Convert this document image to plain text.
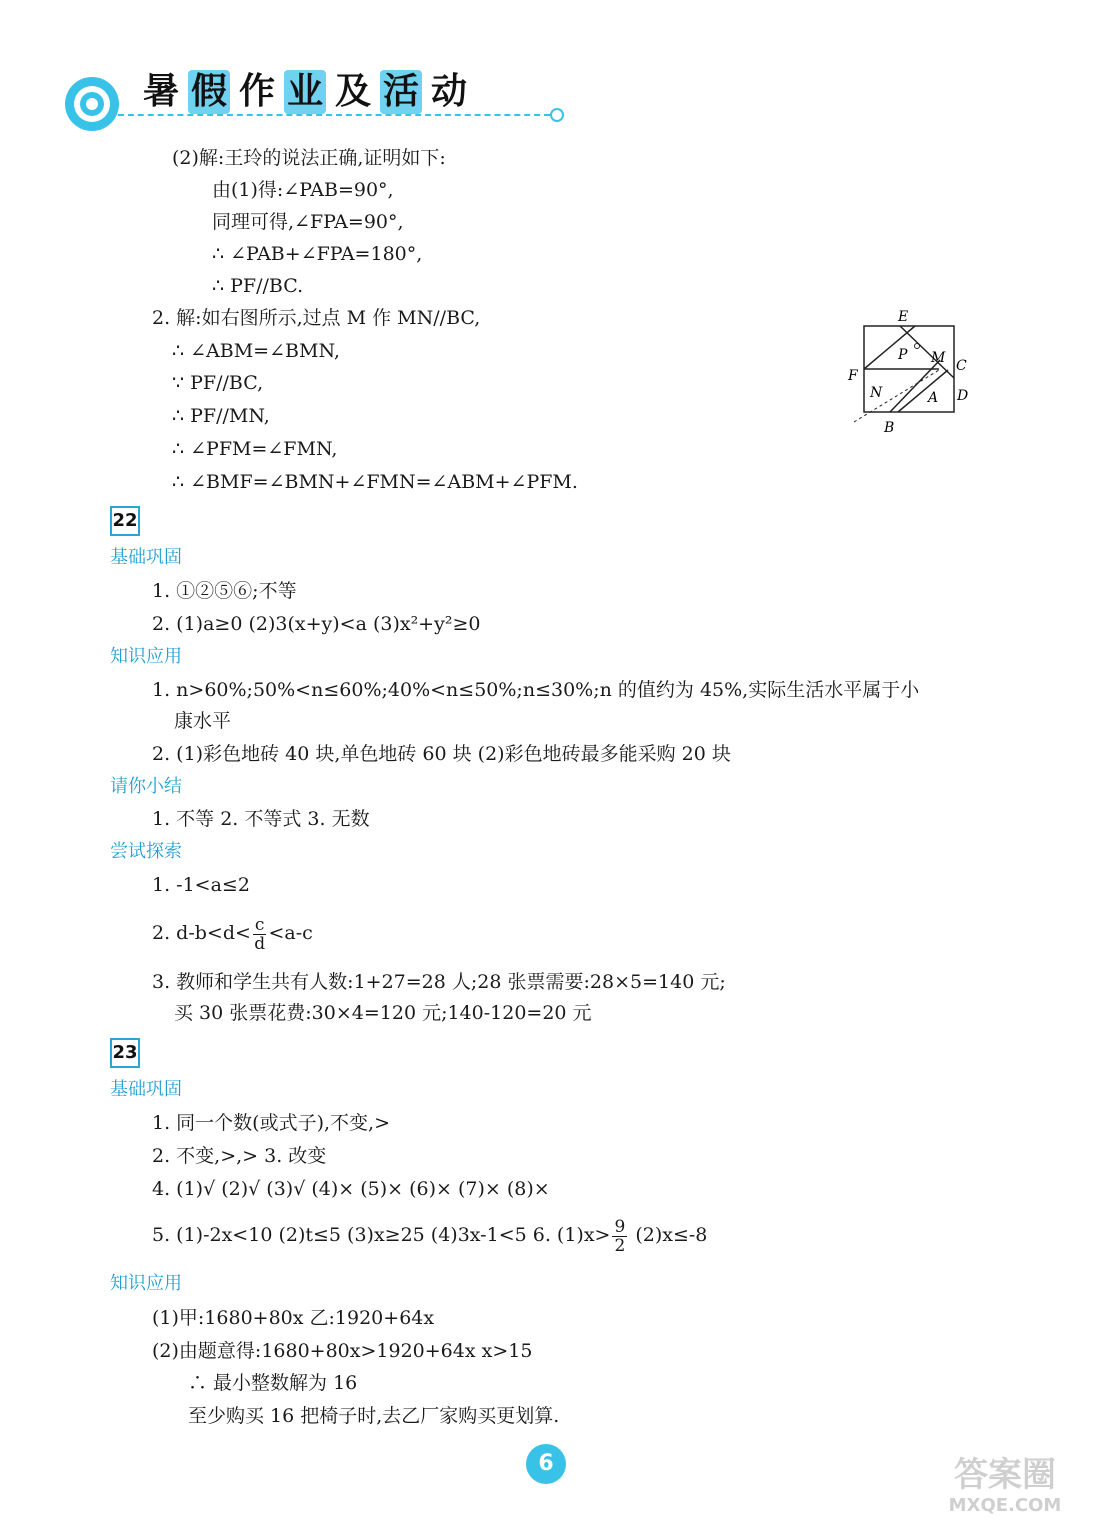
暑 假 作 业 及 活 动
(2)解:王玲的说法正确,证明如下:
由(1)得:∠PAB=90°,
同理可得,∠FPA=90°,
∴ ∠PAB+∠FPA=180°,
∴ PF//BC.
2. 解:如右图所示,过点 M 作 MN//BC,
∴ ∠ABM=∠BMN,
∵ PF//BC,
∴ PF//MN,
∴ ∠PFM=∠FMN,
∴ ∠BMF=∠BMN+∠FMN=∠ABM+∠PFM.
E
P M C
F
N	A D
B
22
基础巩固
1. ①②⑤⑥;不等
2. (1)a≥0 (2)3(x+y)<a (3)x²+y²≥0
知识应用
1. n>60%;50%<n≤60%;40%<n≤50%;n≤30%;n 的值约为 45%,实际生活水平属于小
康水平
2. (1)彩色地砖 40 块,单色地砖 60 块 (2)彩色地砖最多能采购 20 块
请你小结
1. 不等 2. 不等式 3. 无数
尝试探索
1. -1<a≤2
2. $d-b<d< \frac{c}{d} <a-c$
3. 教师和学生共有人数:1+27=28 人;28 张票需要:28×5=140 元;
买 30 张票花费:30×4=120 元;140-120=20 元
23
基础巩固
1. 同一个数(或式子),不变,>
2. 不变,>,> 3. 改变
4. (1)√ (2)√ (3)√ (4)× (5)× (6)× (7)× (8)×
5. (1)-2x<10 (2)t≤5 (3)x≥25 (4)3x-1<5 6. $(1)x> \frac{9}{2} (2)x\le-8$
知识应用
(1)甲:1680+80x 乙:1920+64x
(2)由题意得:1680+80x>1920+64x x>15
∴ 最小整数解为 16
至少购买 16 把椅子时,去乙厂家购买更划算.
6	答案圈
MXQE.COM
